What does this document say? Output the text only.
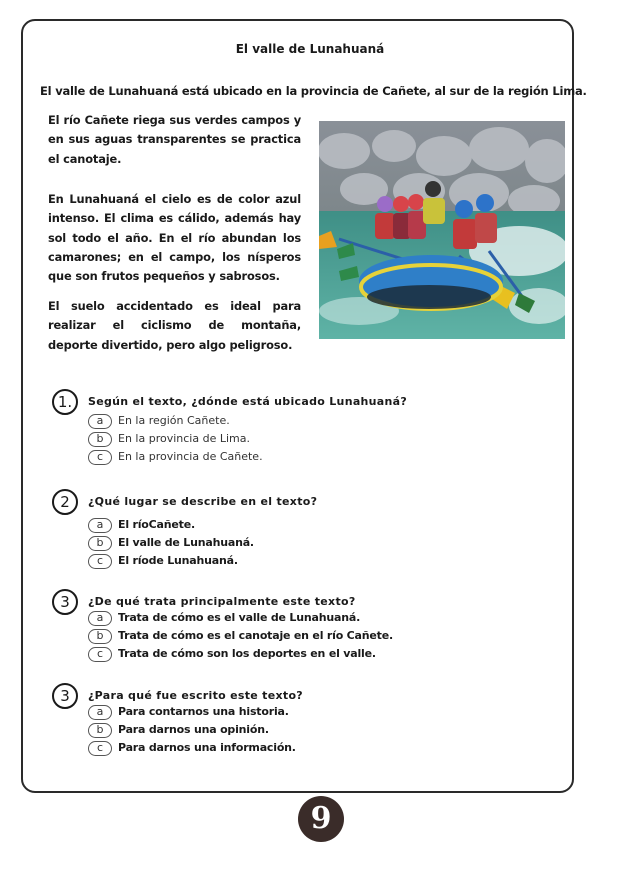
El valle de Lunahuaná
El valle de Lunahuaná está ubicado en la provincia de Cañete, al sur de la región Lima.

El río Cañete riega sus verdes campos y en sus aguas transparentes se practica el canotaje.

En Lunahuaná el cielo es de color azul intenso. El clima es cálido, además hay sol todo el año. En el río abundan los camarones; en el campo, los nísperos que son frutos pequeños y sabrosos.

El suelo accidentado es ideal para realizar el ciclismo de montaña, deporte divertido, pero algo peligroso.

1.	Según el texto, ¿dónde está ubicado Lunahuaná?
a	En la región Cañete.
b	En la provincia de Lima.
c	En la provincia de Cañete.
2	¿Qué lugar se describe en el texto?
a	El ríoCañete.
b	El valle de Lunahuaná.
c	El ríode Lunahuaná.
3	¿De qué trata principalmente este texto?
a	Trata de cómo es el valle de Lunahuaná.
b	Trata de cómo es el canotaje en el río Cañete.
c	Trata de cómo son los deportes en el valle.
3	¿Para qué fue escrito este texto?
a	Para contarnos una historia.
b	Para darnos una opinión.
c	Para darnos una información.
9
